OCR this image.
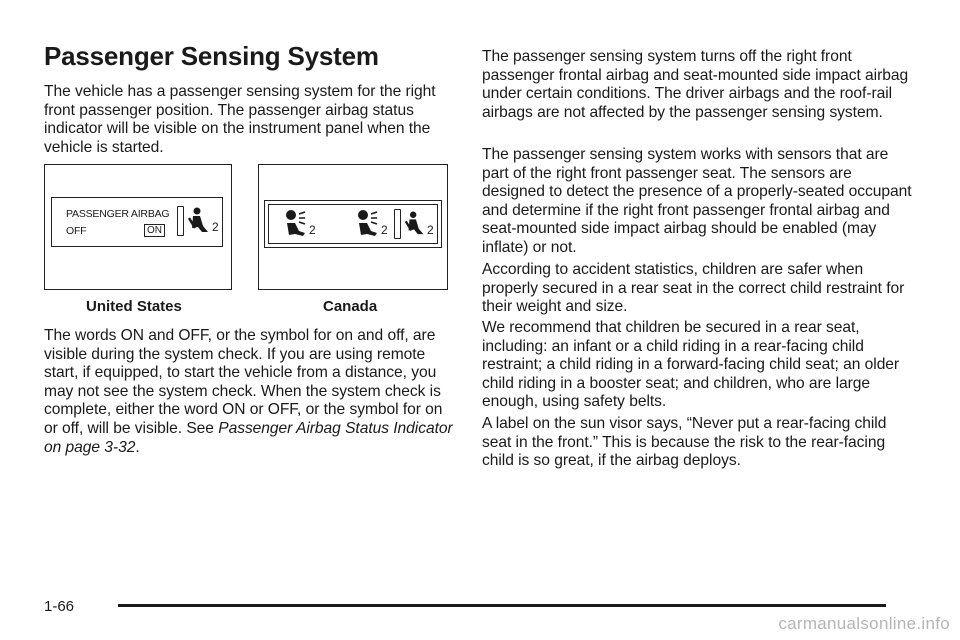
Passenger Sensing System

The vehicle has a passenger sensing system for the right front passenger position. The passenger airbag status indicator will be visible on the instrument panel when the vehicle is started.

PASSENGER AIRBAG
OFF	ON	2
United States
2	2	2
Canada

The words ON and OFF, or the symbol for on and off, are visible during the system check. If you are using remote start, if equipped, to start the vehicle from a distance, you may not see the system check. When the system check is complete, either the word ON or OFF, or the symbol for on or off, will be visible. See Passenger Airbag Status Indicator on page 3-32.

The passenger sensing system turns off the right front passenger frontal airbag and seat-mounted side impact airbag under certain conditions. The driver airbags and the roof-rail airbags are not affected by the passenger sensing system.

The passenger sensing system works with sensors that are part of the right front passenger seat. The sensors are designed to detect the presence of a properly-seated occupant and determine if the right front passenger frontal airbag and seat-mounted side impact airbag should be enabled (may inflate) or not.

According to accident statistics, children are safer when properly secured in a rear seat in the correct child restraint for their weight and size.

We recommend that children be secured in a rear seat, including: an infant or a child riding in a rear-facing child restraint; a child riding in a forward-facing child seat; an older child riding in a booster seat; and children, who are large enough, using safety belts.

A label on the sun visor says, “Never put a rear-facing child seat in the front.” This is because the risk to the rear-facing child is so great, if the airbag deploys.

1-66
carmanualsonline.info
